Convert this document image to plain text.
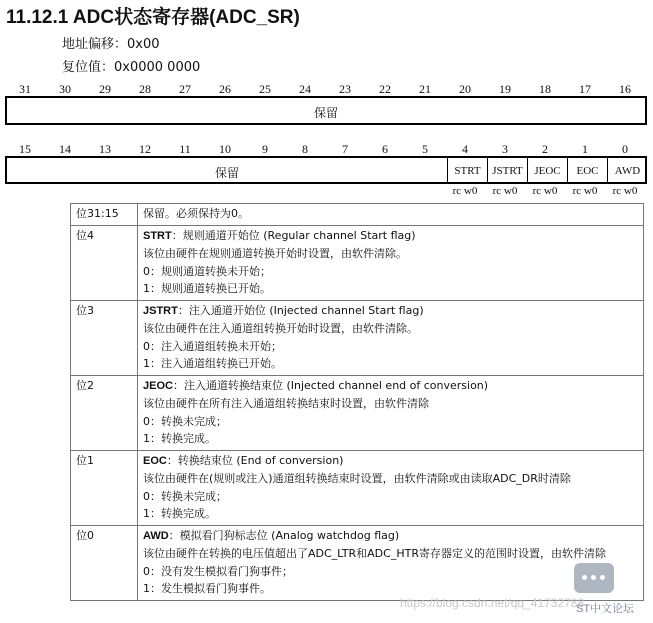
11.12.1 ADC状态寄存器(ADC_SR)
地址偏移：0x00
复位值：0x0000 0000
31	30	29	28	27	26	25	24	23	22	21	20	19	18	17	16
保留
15	14	13	12	11	10	9	8	7	6	5	4	3	2	1	0
保留	STRT	JSTRT	JEOC	EOC	AWD
rc w0	rc w0	rc w0	rc w0	rc w0
位31:15	保留。必须保持为0。
位4	STRT：规则通道开始位 (Regular channel Start flag)
该位由硬件在规则通道转换开始时设置，由软件清除。
0：规则通道转换未开始；
1：规则通道转换已开始。

位3	JSTRT：注入通道开始位 (Injected channel Start flag)
该位由硬件在注入通道组转换开始时设置，由软件清除。
0：注入通道组转换未开始；
1：注入通道组转换已开始。

位2	JEOC：注入通道转换结束位 (Injected channel end of conversion)
该位由硬件在所有注入通道组转换结束时设置，由软件清除
0：转换未完成；
1：转换完成。

位1	EOC：转换结束位 (End of conversion)
该位由硬件在(规则或注入)通道组转换结束时设置，由软件清除或由读取ADC_DR时清除
0：转换未完成；
1：转换完成。

位0	AWD：模拟看门狗标志位 (Analog watchdog flag)
该位由硬件在转换的电压值超出了ADC_LTR和ADC_HTR寄存器定义的范围时设置，由软件清除
0：没有发生模拟看门狗事件；
1：发生模拟看门狗事件。
https://blog.csdn.net/qq_41732788
ST中文论坛
